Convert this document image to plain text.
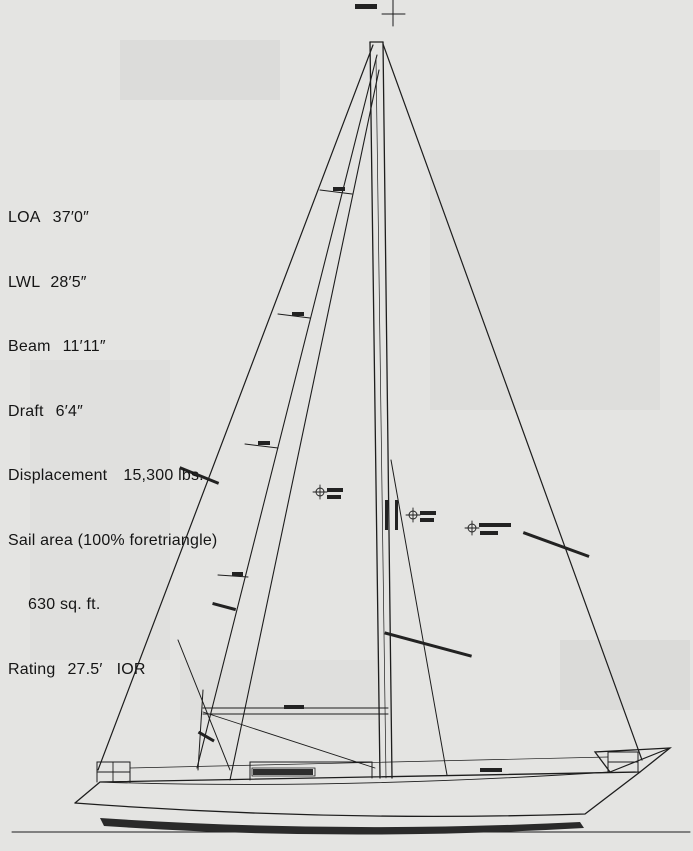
LOA 37′0″

LWL 28′5″

Beam 11′11″

Draft 6′4″

Displacement 15,300 lbs.

Sail area (100% foretriangle)

630 sq. ft.

Rating 27.5′ IOR
